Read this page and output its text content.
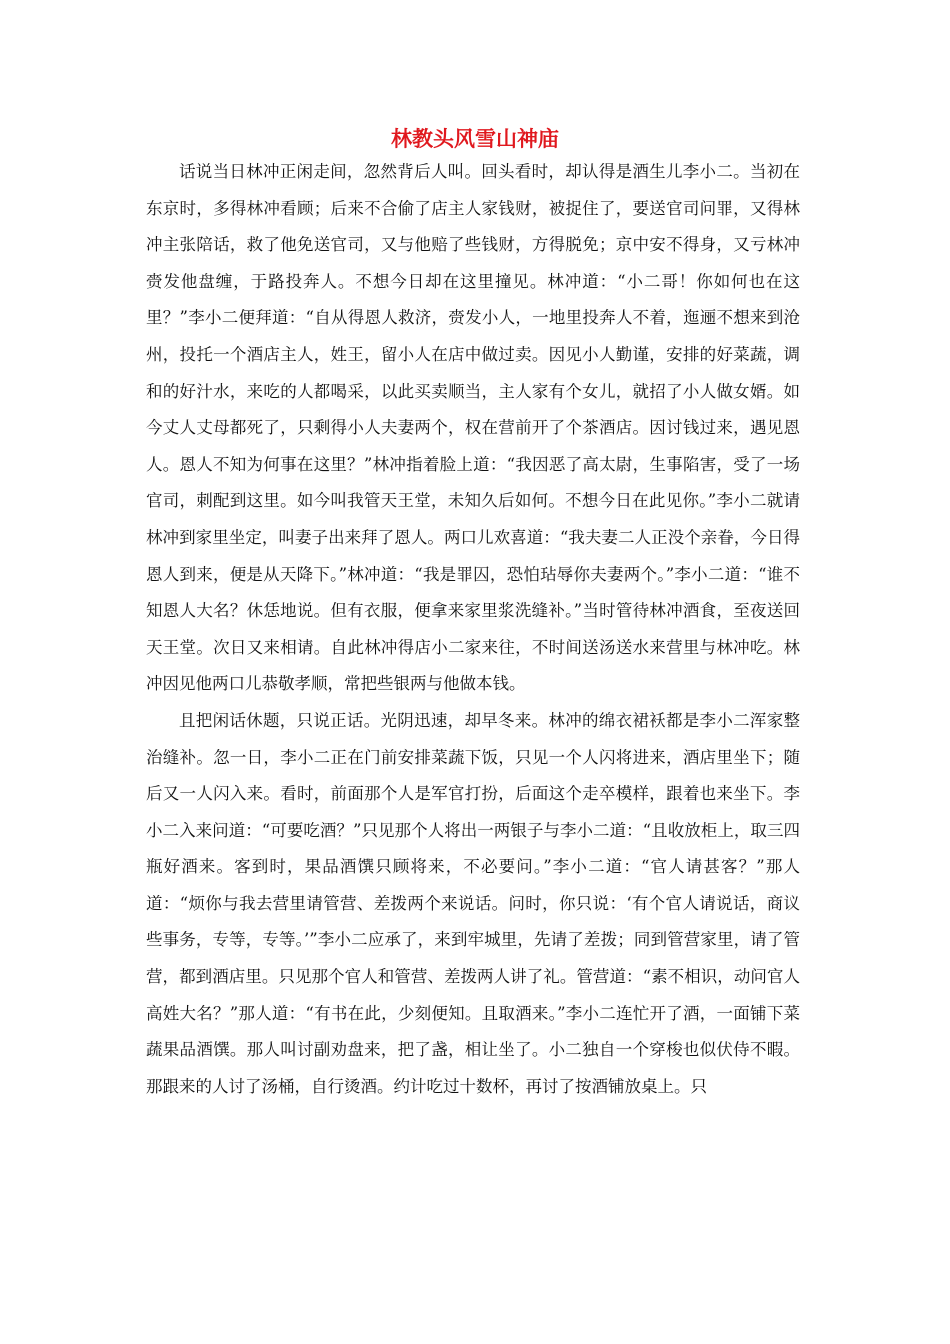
林教头风雪山神庙

话说当日林冲正闲走间，忽然背后人叫。回头看时，却认得是酒生儿李小二。当初在东京时，多得林冲看顾；后来不合偷了店主人家钱财，被捉住了，要送官司问罪，又得林冲主张陪话，救了他免送官司，又与他赔了些钱财，方得脱免；京中安不得身，又亏林冲赍发他盘缠，于路投奔人。不想今日却在这里撞见。林冲道：“小二哥！你如何也在这里？”李小二便拜道：“自从得恩人救济，赍发小人，一地里投奔人不着，迤逦不想来到沧州，投托一个酒店主人，姓王，留小人在店中做过卖。因见小人勤谨，安排的好菜蔬，调和的好汁水，来吃的人都喝采，以此买卖顺当，主人家有个女儿，就招了小人做女婿。如今丈人丈母都死了，只剩得小人夫妻两个，权在营前开了个茶酒店。因讨钱过来，遇见恩人。恩人不知为何事在这里？”林冲指着脸上道：“我因恶了高太尉，生事陷害，受了一场官司，刺配到这里。如今叫我管天王堂，未知久后如何。不想今日在此见你。”李小二就请林冲到家里坐定，叫妻子出来拜了恩人。两口儿欢喜道：“我夫妻二人正没个亲眷，今日得恩人到来，便是从天降下。”林冲道：“我是罪囚，恐怕玷辱你夫妻两个。”李小二道：“谁不知恩人大名？休恁地说。但有衣服，便拿来家里浆洗缝补。”当时管待林冲酒食，至夜送回天王堂。次日又来相请。自此林冲得店小二家来往，不时间送汤送水来营里与林冲吃。林冲因见他两口儿恭敬孝顺，常把些银两与他做本钱。

且把闲话休题，只说正话。光阴迅速，却早冬来。林冲的绵衣裙袄都是李小二浑家整治缝补。忽一日，李小二正在门前安排菜蔬下饭，只见一个人闪将进来，酒店里坐下；随后又一人闪入来。看时，前面那个人是军官打扮，后面这个走卒模样，跟着也来坐下。李小二入来问道：“可要吃酒？”只见那个人将出一两银子与李小二道：“且收放柜上，取三四瓶好酒来。客到时，果品酒馔只顾将来，不必要问。”李小二道：“官人请甚客？”那人道：“烦你与我去营里请管营、差拨两个来说话。问时，你只说：‘有个官人请说话，商议些事务，专等，专等。’”李小二应承了，来到牢城里，先请了差拨；同到管营家里，请了管营，都到酒店里。只见那个官人和管营、差拨两人讲了礼。管营道：“素不相识，动问官人高姓大名？”那人道：“有书在此，少刻便知。且取酒来。”李小二连忙开了酒，一面铺下菜蔬果品酒馔。那人叫讨副劝盘来，把了盏，相让坐了。小二独自一个穿梭也似伏侍不暇。那跟来的人讨了汤桶，自行烫酒。约计吃过十数杯，再讨了按酒铺放桌上。只
